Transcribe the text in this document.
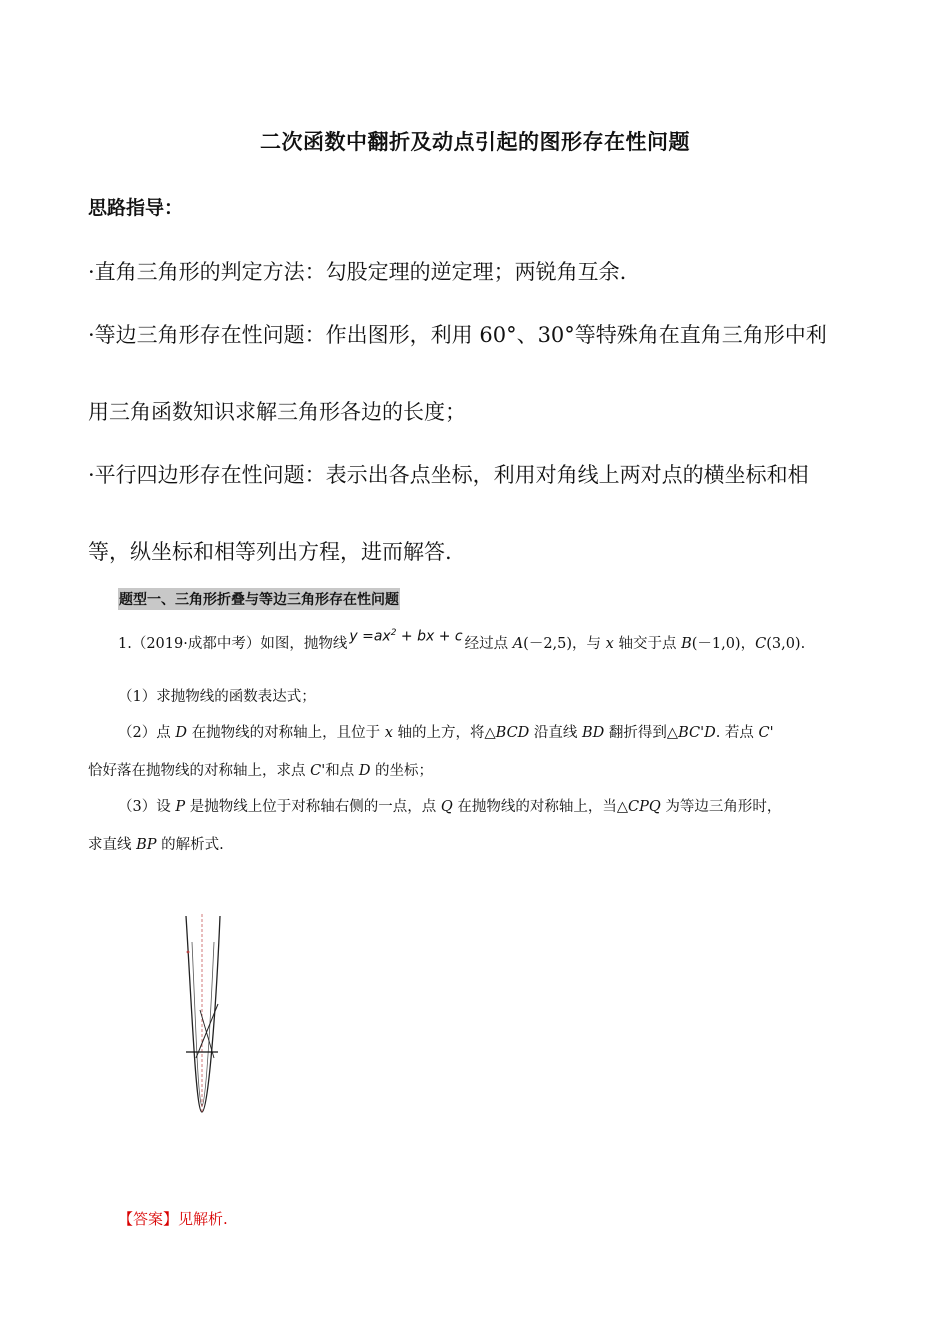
二次函数中翻折及动点引起的图形存在性问题
思路指导：
·直角三角形的判定方法：勾股定理的逆定理；两锐角互余.
·等边三角形存在性问题：作出图形，利用 60°、30°等特殊角在直角三角形中利
用三角函数知识求解三角形各边的长度；
·平行四边形存在性问题：表示出各点坐标，利用对角线上两对点的横坐标和相
等，纵坐标和相等列出方程，进而解答.
题型一、三角形折叠与等边三角形存在性问题
1.（2019·成都中考）如图，抛物线 $y =ax^2$ + bx + c 经过点 A(－2,5)，与 x 轴交于点 B(－1,0)，C(3,0).
（1）求抛物线的函数表达式；
（2）点 D 在抛物线的对称轴上，且位于 x 轴的上方，将△BCD 沿直线 BD 翻折得到△BC'D. 若点 C'
恰好落在抛物线的对称轴上，求点 C'和点 D 的坐标；
（3）设 P 是抛物线上位于对称轴右侧的一点，点 Q 在抛物线的对称轴上，当△CPQ 为等边三角形时，
求直线 BP 的解析式.
【答案】见解析.
